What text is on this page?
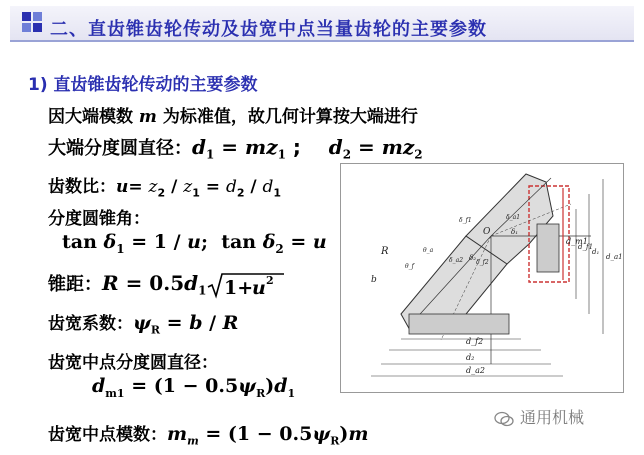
二、直齿锥齿轮传动及齿宽中点当量齿轮的主要参数
1) 直齿锥齿轮传动的主要参数
因大端模数 m 为标准值，故几何计算按大端进行
大端分度圆直径：$d_1 = mz_1$ ;    $d_2 = mz_2$
齿数比：$u= z_2 / z_1 = d_2 / d_1$
分度圆锥角：
$\tan \delta_1 = 1 / u$;  $\tan \delta_2 = u$
锥距：$R = 0.5d_1$ 1+
u 2
齿宽系数：$\psi_R = b / R$
齿宽中点分度圆直径：
$d_{m1} = (1 - 0.5\psi_R)d_1$
齿宽中点模数：$m_m = (1 - 0.5\psi_R)m$
O
R
b
d_f2
d₂
d_a2
d_f1
d₁
d_a1
d_m1
δ₁
δ₂
δ_f1
δ_f2
δ_a1
δ_a2
θ_a
θ_f
通用机械
